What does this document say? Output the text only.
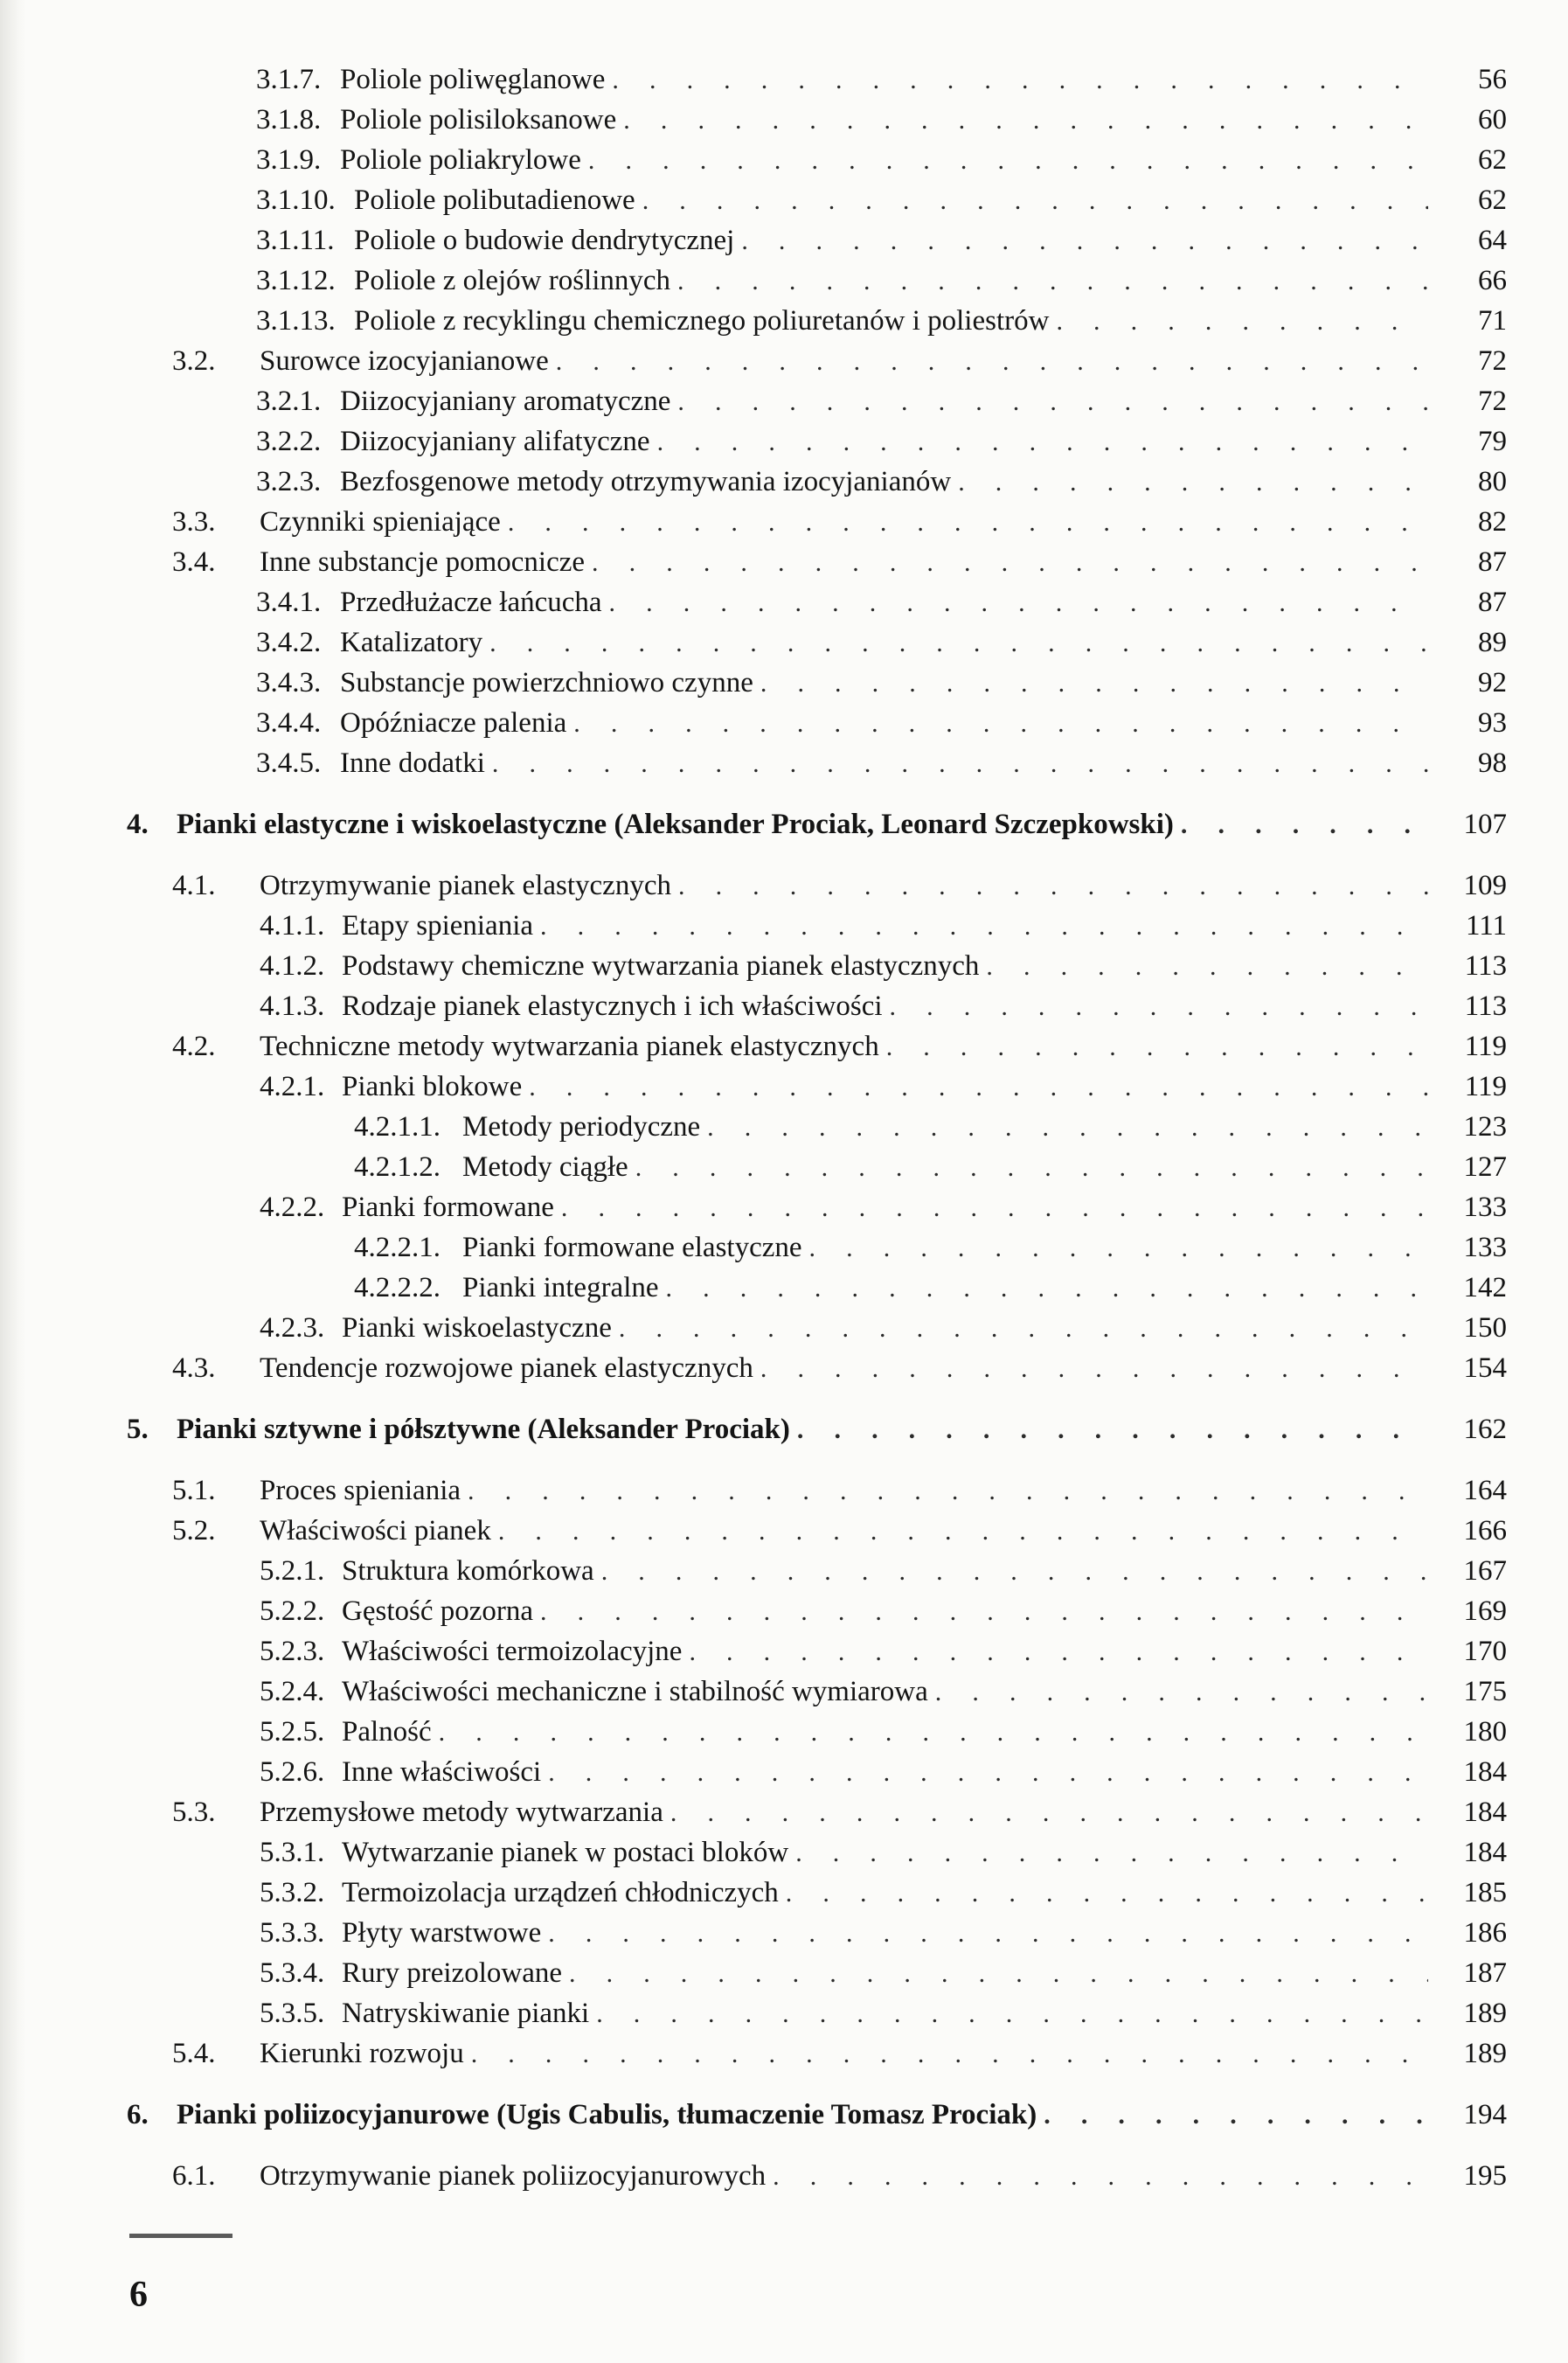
3.1.7. Poliole poliwęglanowe . . .	56
3.1.8. Poliole polisiloksanowe . . .	60
3.1.9. Poliole poliakrylowe . . .	62
3.1.10. Poliole polibutadienowe . . .	62
3.1.11. Poliole o budowie dendrytycznej . . .	64
3.1.12. Poliole z olejów roślinnych . . .	66
3.1.13. Poliole z recyklingu chemicznego poliuretanów i poliestrów . . .	71
3.2. Surowce izocyjanianowe . . .	72
3.2.1. Diizocyjaniany aromatyczne . . .	72
3.2.2. Diizocyjaniany alifatyczne . . .	79
3.2.3. Bezfosgenowe metody otrzymywania izocyjanianów . . .	80
3.3. Czynniki spieniające . . .	82
3.4. Inne substancje pomocnicze . . .	87
3.4.1. Przedłużacze łańcucha . . .	87
3.4.2. Katalizatory . . .	89
3.4.3. Substancje powierzchniowo czynne . . .	92
3.4.4. Opóźniacze palenia . . .	93
3.4.5. Inne dodatki . . .	98
4. Pianki elastyczne i wiskoelastyczne (Aleksander Prociak, Leonard Szczepkowski) . . .	107
4.1. Otrzymywanie pianek elastycznych . . .	109
4.1.1. Etapy spieniania . . .	111
4.1.2. Podstawy chemiczne wytwarzania pianek elastycznych . . .	113
4.1.3. Rodzaje pianek elastycznych i ich właściwości . . .	113
4.2. Techniczne metody wytwarzania pianek elastycznych . . .	119
4.2.1. Pianki blokowe . . .	119
4.2.1.1. Metody periodyczne . . .	123
4.2.1.2. Metody ciągłe . . .	127
4.2.2. Pianki formowane . . .	133
4.2.2.1. Pianki formowane elastyczne . . .	133
4.2.2.2. Pianki integralne . . .	142
4.2.3. Pianki wiskoelastyczne . . .	150
4.3. Tendencje rozwojowe pianek elastycznych . . .	154
5. Pianki sztywne i półsztywne (Aleksander Prociak) . . .	162
5.1. Proces spieniania . . .	164
5.2. Właściwości pianek . . .	166
5.2.1. Struktura komórkowa . . .	167
5.2.2. Gęstość pozorna . . .	169
5.2.3. Właściwości termoizolacyjne . . .	170
5.2.4. Właściwości mechaniczne i stabilność wymiarowa . . .	175
5.2.5. Palność . . .	180
5.2.6. Inne właściwości . . .	184
5.3. Przemysłowe metody wytwarzania . . .	184
5.3.1. Wytwarzanie pianek w postaci bloków . . .	184
5.3.2. Termoizolacja urządzeń chłodniczych . . .	185
5.3.3. Płyty warstwowe . . .	186
5.3.4. Rury preizolowane . . .	187
5.3.5. Natryskiwanie pianki . . .	189
5.4. Kierunki rozwoju . . .	189
6. Pianki poliizocyjanurowe (Ugis Cabulis, tłumaczenie Tomasz Prociak) . . .	194
6.1. Otrzymywanie pianek poliizocyjanurowych . . .	195
6
